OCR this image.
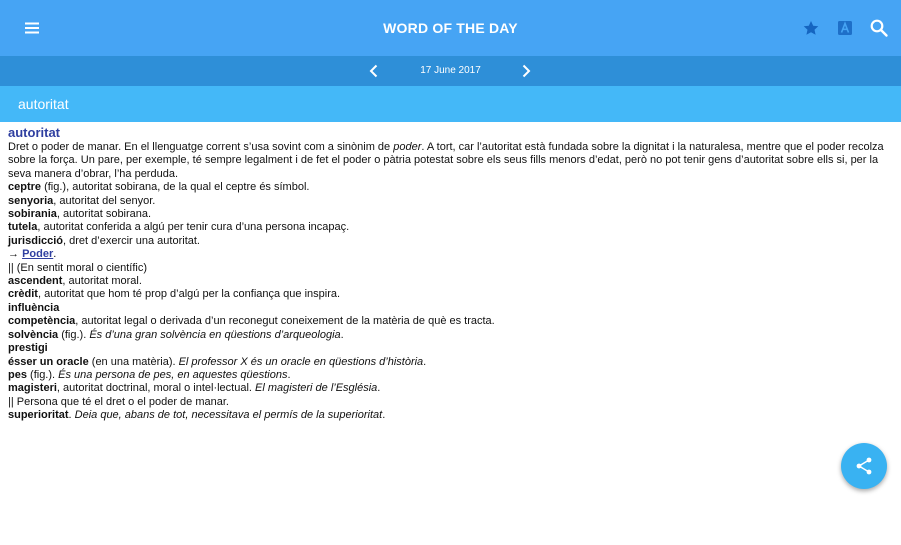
WORD OF THE DAY
17 June 2017
autoritat
autoritat

Dret o poder de manar. En el llenguatge corrent s’usa sovint com a sinònim de poder. A tort, car l’autoritat està fundada sobre la dignitat i la naturalesa, mentre que el poder recolza sobre la força. Un pare, per exemple, té sempre legalment i de fet el poder o pàtria potestat sobre els seus fills menors d’edat, però no pot tenir gens d’autoritat sobre ells si, per la seva manera d’obrar, l’ha perduda.

ceptre (fig.), autoritat sobirana, de la qual el ceptre és símbol.

senyoria, autoritat del senyor.

sobirania, autoritat sobirana.

tutela, autoritat conferida a algú per tenir cura d’una persona incapaç.

jurisdicció, dret d’exercir una autoritat.

→ Poder.

|| (En sentit moral o científic)

ascendent, autoritat moral.

crèdit, autoritat que hom té prop d’algú per la confiança que inspira.

influència

competència, autoritat legal o derivada d’un reconegut coneixement de la matèria de què es tracta.

solvència (fig.). És d’una gran solvència en qüestions d’arqueologia.

prestigi

ésser un oracle (en una matèria). El professor X és un oracle en qüestions d’història.

pes (fig.). És una persona de pes, en aquestes qüestions.

magisteri, autoritat doctrinal, moral o intel·lectual. El magisteri de l’Església.

|| Persona que té el dret o el poder de manar.

superioritat. Deia que, abans de tot, necessitava el permís de la superioritat.
